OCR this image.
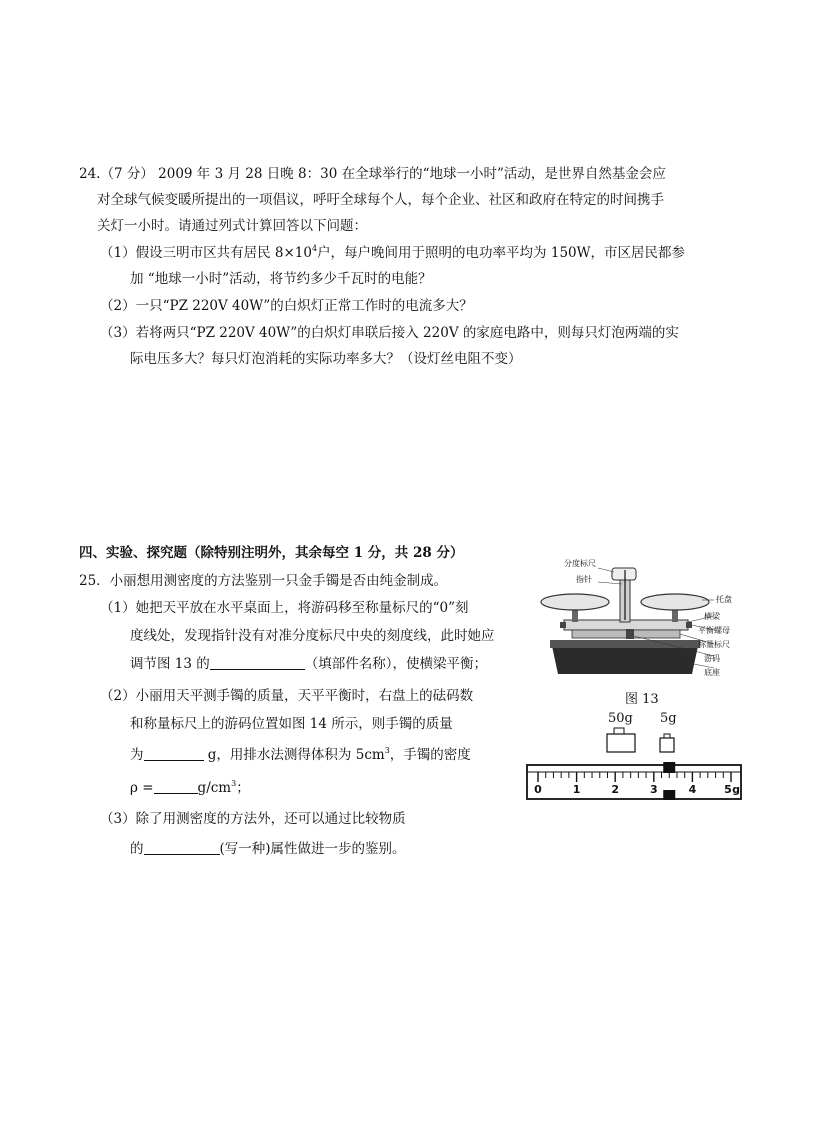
24.（7 分） 2009 年 3 月 28 日晚 8：30 在全球举行的“地球一小时”活动，是世界自然基金会应
对全球气候变暖所提出的一项倡议，呼吁全球每个人，每个企业、社区和政府在特定的时间携手
关灯一小时。请通过列式计算回答以下问题：
（1）假设三明市区共有居民 $8\times 10^4$户，每户晚间用于照明的电功率平均为 150W，市区居民都参
加 “地球一小时”活动，将节约多少千瓦时的电能？
（2）一只“PZ 220V 40W”的白炽灯正常工作时的电流多大？
（3）若将两只“PZ 220V 40W”的白炽灯串联后接入 220V 的家庭电路中，则每只灯泡两端的实
际电压多大？每只灯泡消耗的实际功率多大？（设灯丝电阻不变）
四、实验、探究题（除特别注明外，其余每空 1 分，共 28 分）
25．小丽想用测密度的方法鉴别一只金手镯是否由纯金制成。
（1）她把天平放在水平桌面上，将游码移至称量标尺的“0”刻
度线处，发现指针没有对准分度标尺中央的刻度线，此时她应
调节图 13 的	（填部件名称），使横梁平衡；
（2）小丽用天平测手镯的质量，天平平衡时，右盘上的砝码数
和称量标尺上的游码位置如图 14 所示，则手镯的质量
为	g，用排水法测得体积为 $5cm^3$，手镯的密度
ρ =	$g/cm^3$；
（3）除了用测密度的方法外，还可以通过比较物质
的	(写一种)属性做进一步的鉴别。
分度标尺
指针
托盘
横梁
平衡螺母
称量标尺
游码
底座
图 13
50g 5g
0	1	2	3	4	5 g
